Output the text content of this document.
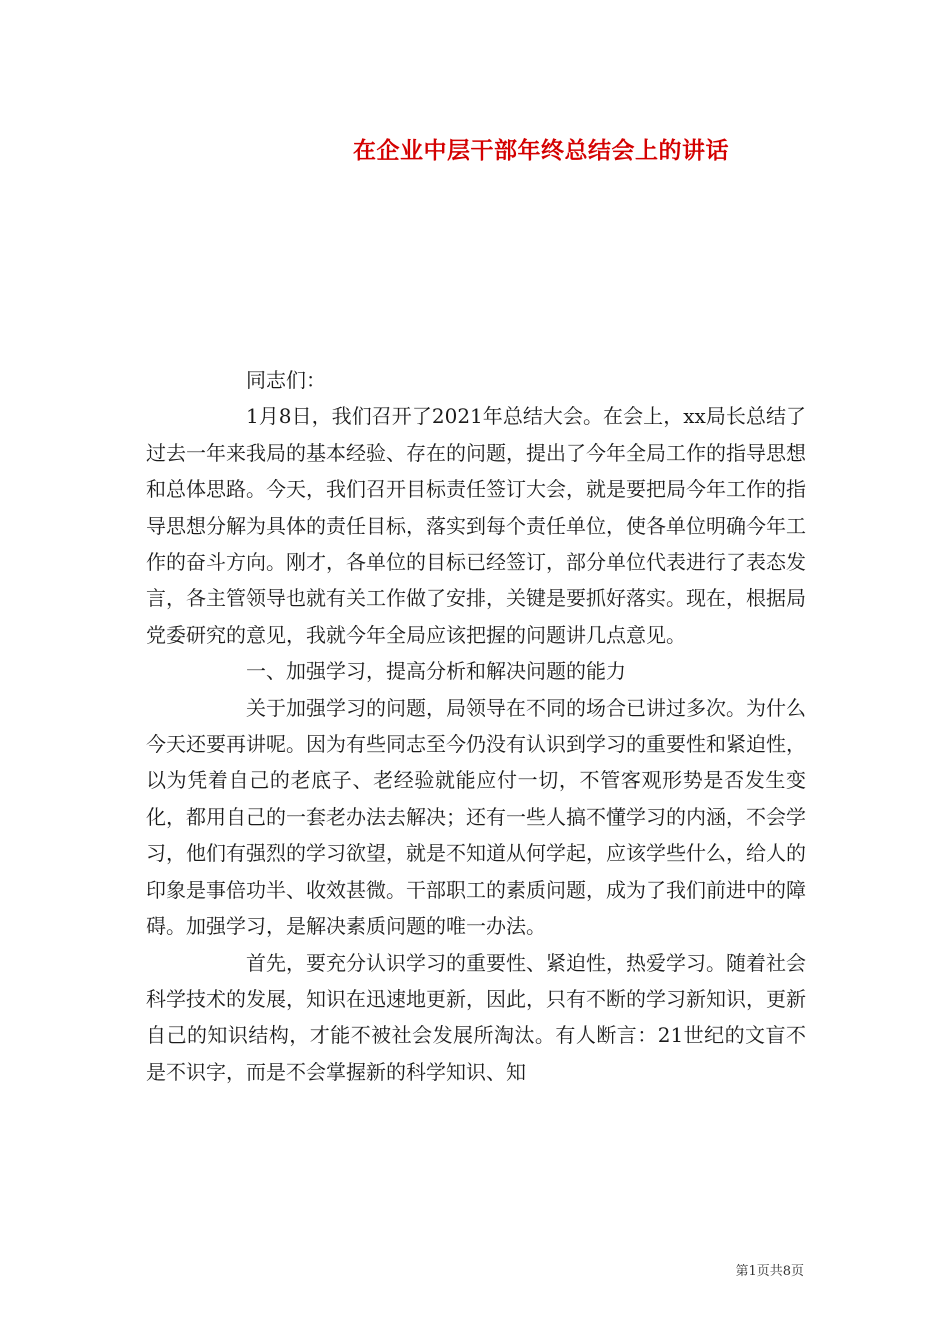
在企业中层干部年终总结会上的讲话

同志们：

1月8日，我们召开了2021年总结大会。在会上，xx局长总结了过去一年来我局的基本经验、存在的问题，提出了今年全局工作的指导思想和总体思路。今天，我们召开目标责任签订大会，就是要把局今年工作的指导思想分解为具体的责任目标，落实到每个责任单位，使各单位明确今年工作的奋斗方向。刚才，各单位的目标已经签订，部分单位代表进行了表态发言，各主管领导也就有关工作做了安排，关键是要抓好落实。现在，根据局党委研究的意见，我就今年全局应该把握的问题讲几点意见。

一、加强学习，提高分析和解决问题的能力

关于加强学习的问题，局领导在不同的场合已讲过多次。为什么今天还要再讲呢。因为有些同志至今仍没有认识到学习的重要性和紧迫性，以为凭着自己的老底子、老经验就能应付一切，不管客观形势是否发生变化，都用自己的一套老办法去解决；还有一些人搞不懂学习的内涵，不会学习，他们有强烈的学习欲望，就是不知道从何学起，应该学些什么，给人的印象是事倍功半、收效甚微。干部职工的素质问题，成为了我们前进中的障碍。加强学习，是解决素质问题的唯一办法。

首先，要充分认识学习的重要性、紧迫性，热爱学习。随着社会科学技术的发展，知识在迅速地更新，因此，只有不断的学习新知识，更新自己的知识结构，才能不被社会发展所淘汰。有人断言：21世纪的文盲不是不识字，而是不会掌握新的科学知识、知

第1页共8页
